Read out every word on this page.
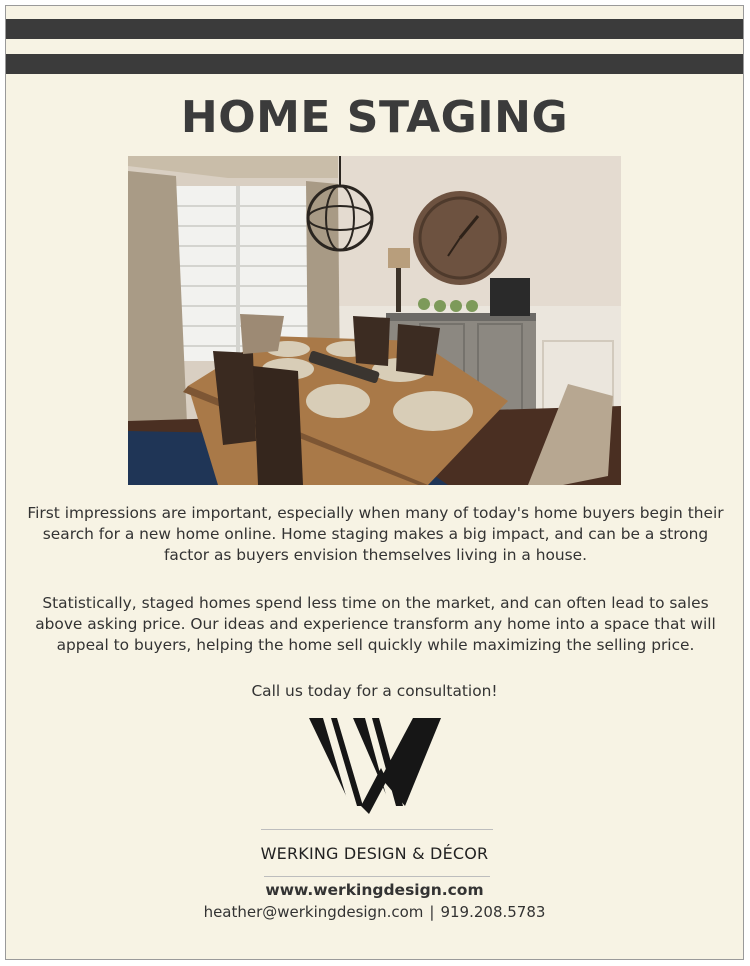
HOME STAGING

First impressions are important, especially when many of today's home buyers begin their search for a new home online. Home staging makes a big impact, and can be a strong factor as buyers envision themselves living in a house.

Statistically, staged homes spend less time on the market, and can often lead to sales above asking price. Our ideas and experience transform any home into a space that will appeal to buyers, helping the home sell quickly while maximizing the selling price.

Call us today for a consultation!

WERKING DESIGN & DÉCOR

www.werkingdesign.com

heather@werkingdesign.com | 919.208.5783
